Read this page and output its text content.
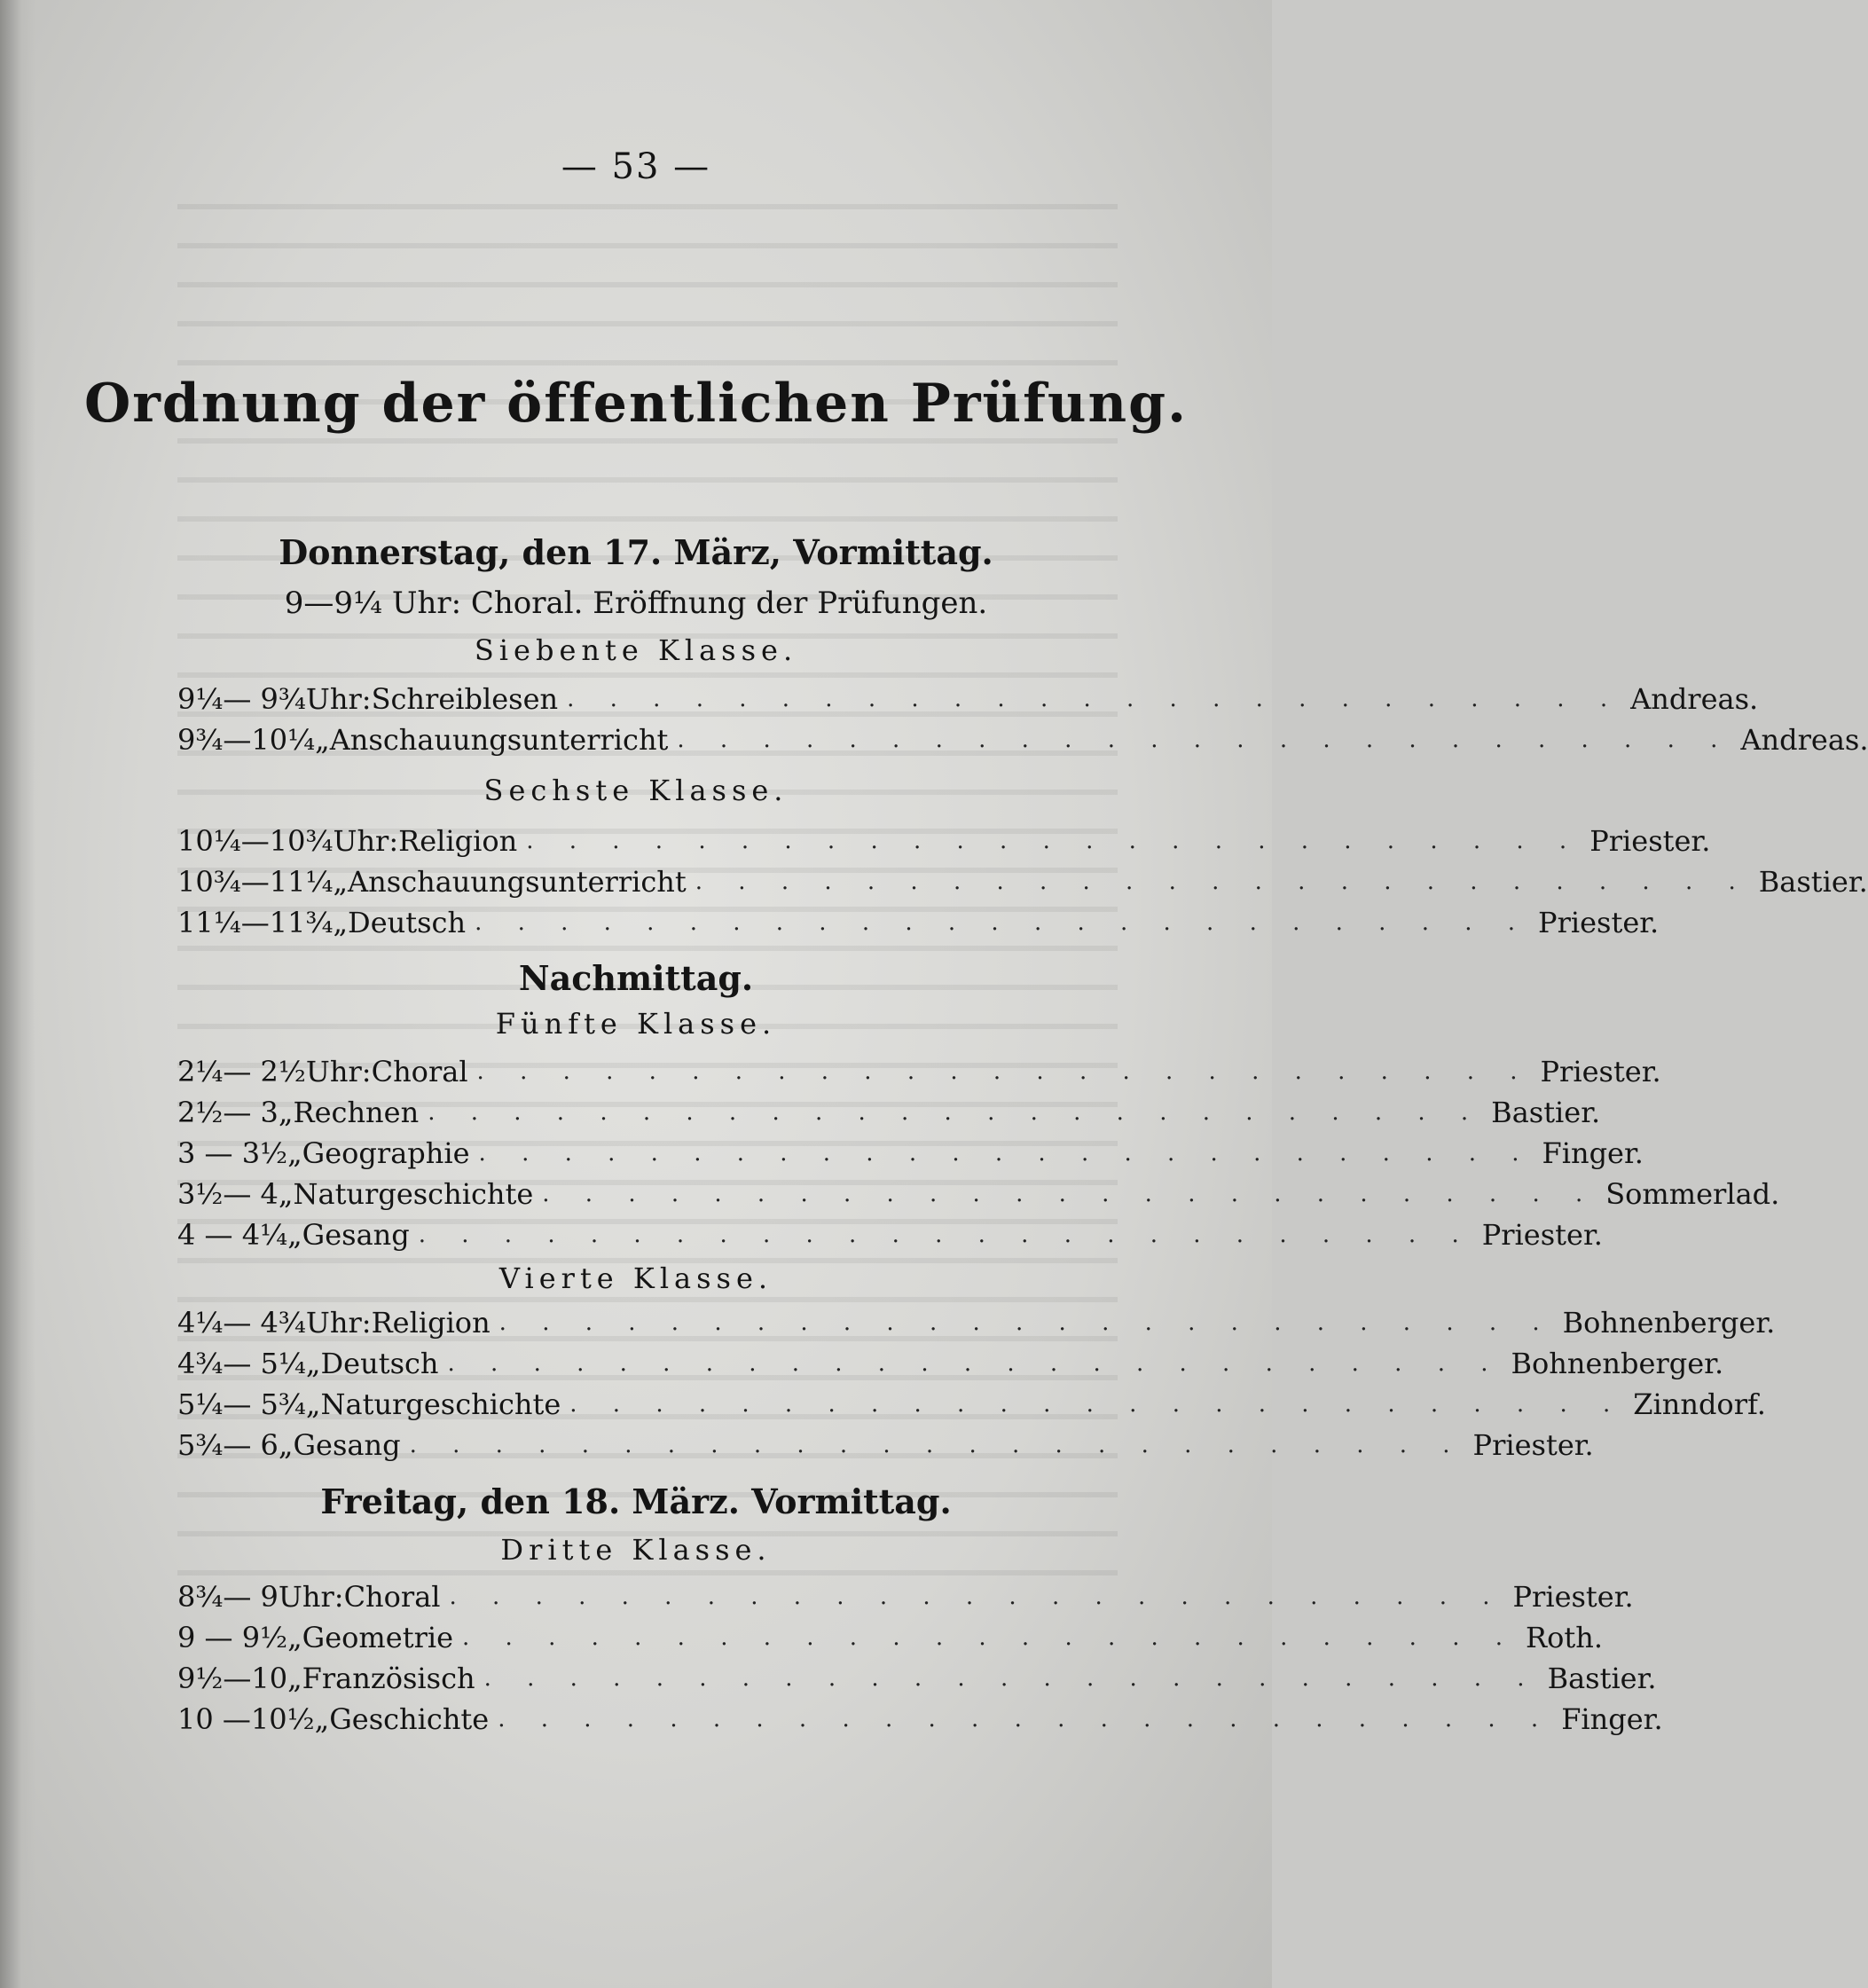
— 53 —
Ordnung der öffentlichen Prüfung.
Donnerstag, den 17. März, Vormittag.
9—9¼ Uhr: Choral. Eröffnung der Prüfungen.
Siebente Klasse.
9¼— 9¾ Uhr: Schreiblesen . . . . . . . . . . . . . . . . . . . . . . . . . Andreas.
9¾—10¼ „ Anschauungsunterricht . . . . . . . . . . . . . . . . . . . . . . . . . Andreas.
Sechste Klasse.
10¼—10¾ Uhr: Religion . . . . . . . . . . . . . . . . . . . . . . . . . Priester.
10¾—11¼ „ Anschauungsunterricht . . . . . . . . . . . . . . . . . . . . . . . . . Bastier.
11¼—11¾ „ Deutsch . . . . . . . . . . . . . . . . . . . . . . . . . Priester.
Nachmittag.
Fünfte Klasse.
2¼— 2½ Uhr: Choral . . . . . . . . . . . . . . . . . . . . . . . . . Priester.
2½— 3 „ Rechnen . . . . . . . . . . . . . . . . . . . . . . . . . Bastier.
3 — 3½ „ Geographie . . . . . . . . . . . . . . . . . . . . . . . . . Finger.
3½— 4 „ Naturgeschichte . . . . . . . . . . . . . . . . . . . . . . . . . Sommerlad.
4 — 4¼ „ Gesang . . . . . . . . . . . . . . . . . . . . . . . . . Priester.
Vierte Klasse.
4¼— 4¾ Uhr: Religion . . . . . . . . . . . . . . . . . . . . . . . . . Bohnenberger.
4¾— 5¼ „ Deutsch . . . . . . . . . . . . . . . . . . . . . . . . . Bohnenberger.
5¼— 5¾ „ Naturgeschichte . . . . . . . . . . . . . . . . . . . . . . . . . Zinndorf.
5¾— 6 „ Gesang . . . . . . . . . . . . . . . . . . . . . . . . . Priester.
Freitag, den 18. März. Vormittag.
Dritte Klasse.
8¾— 9 Uhr: Choral . . . . . . . . . . . . . . . . . . . . . . . . . Priester.
9 — 9½ „ Geometrie . . . . . . . . . . . . . . . . . . . . . . . . . Roth.
9½—10 „ Französisch . . . . . . . . . . . . . . . . . . . . . . . . . Bastier.
10 —10½ „ Geschichte . . . . . . . . . . . . . . . . . . . . . . . . . Finger.
